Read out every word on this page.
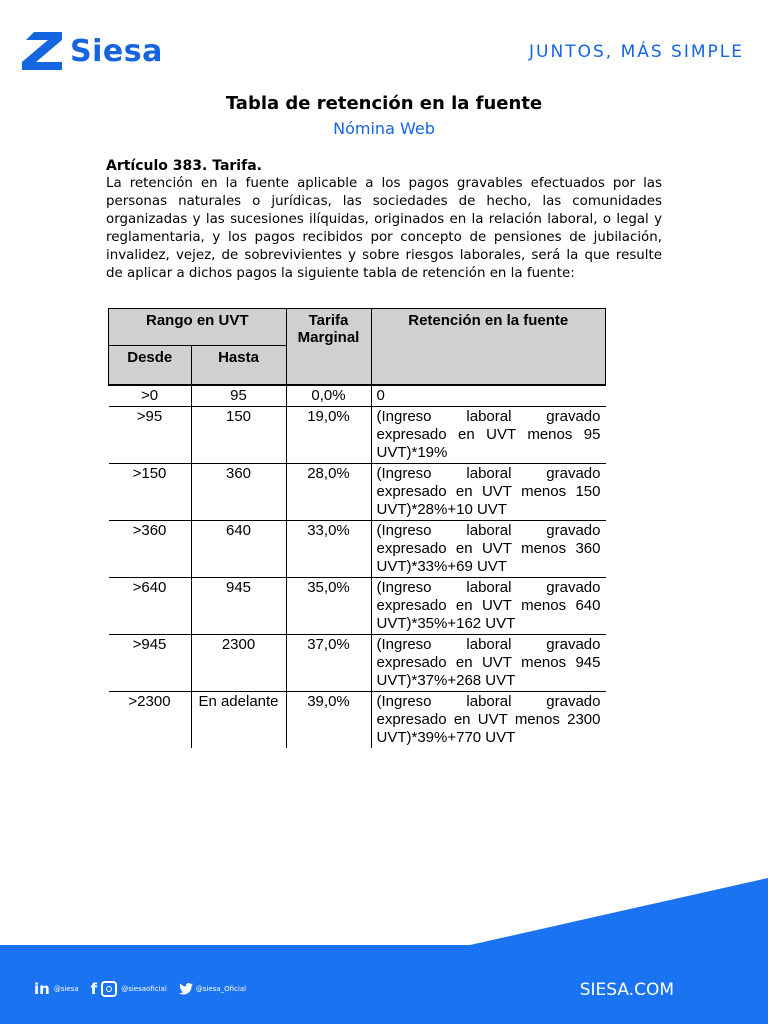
Siesa	JUNTOS, MÁS SIMPLE
Tabla de retención en la fuente
Nómina Web
Artículo 383. Tarifa.
La retención en la fuente aplicable a los pagos gravables efectuados por las personas naturales o jurídicas, las sociedades de hecho, las comunidades organizadas y las sucesiones ilíquidas, originados en la relación laboral, o legal y reglamentaria, y los pagos recibidos por concepto de pensiones de jubilación, invalidez, vejez, de sobrevivientes y sobre riesgos laborales, será la que resulte de aplicar a dichos pagos la siguiente tabla de retención en la fuente:
Rango en UVT		Tarifa Marginal	Retención en la fuente
Desde	Hasta		
>0	95	0,0%	0

>95	150	19,0%	(Ingreso laboral gravado
expresado en UVT menos 95
UVT)*19%

>150	360	28,0%	(Ingreso laboral gravado
expresado en UVT menos 150
UVT)*28%+10 UVT

>360	640	33,0%	(Ingreso laboral gravado
expresado en UVT menos 360
UVT)*33%+69 UVT

>640	945	35,0%	(Ingreso laboral gravado
expresado en UVT menos 640
UVT)*35%+162 UVT

>945	2300	37,0%	(Ingreso laboral gravado
expresado en UVT menos 945
UVT)*37%+268 UVT

>2300	En adelante	39,0%	(Ingreso laboral gravado
expresado en UVT menos 2300
UVT)*39%+770 UVT
in @siesa f	@siesaoficial	@siesa_Oficial	SIESA.COM
